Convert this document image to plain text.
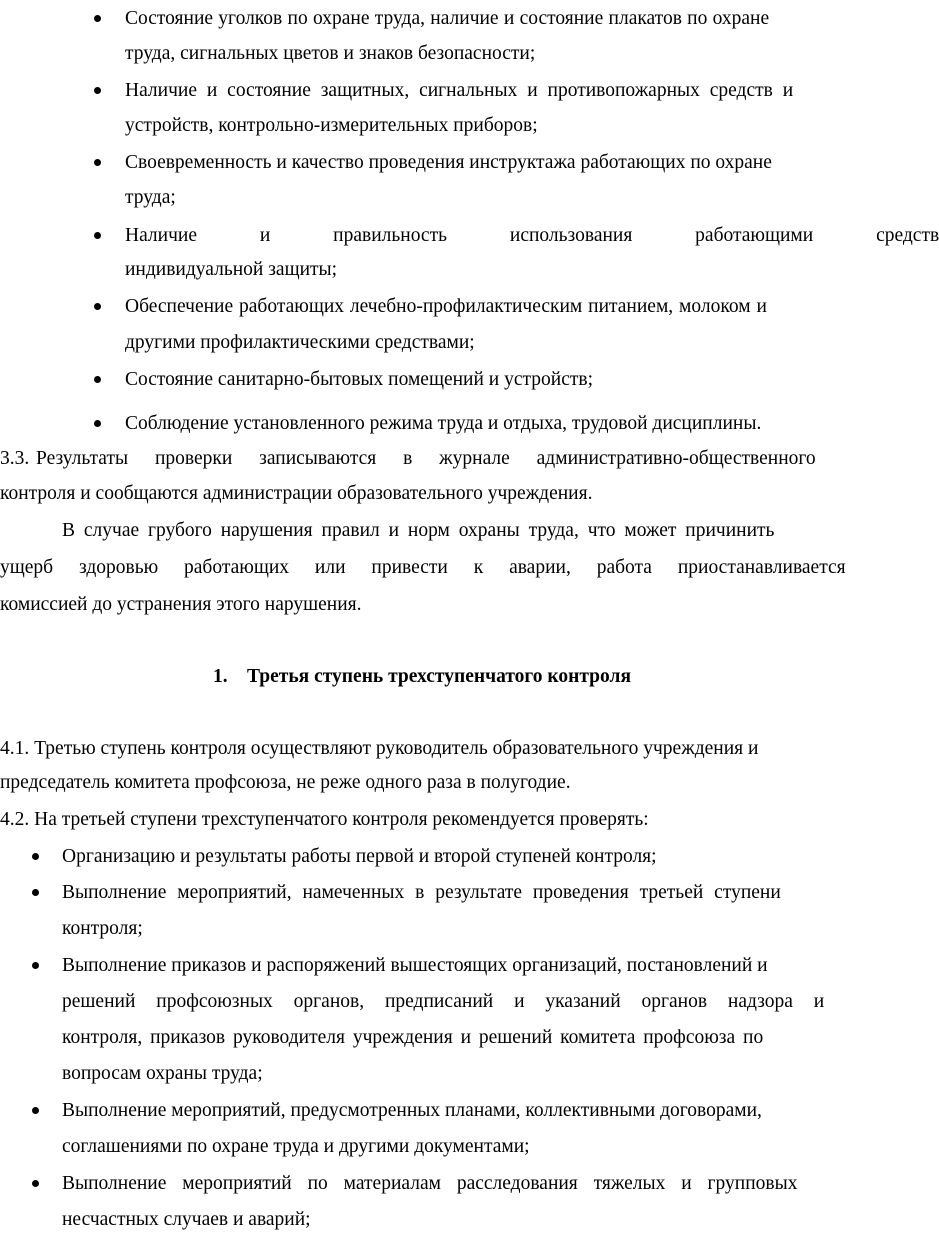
Состояние уголков по охране труда, наличие и состояние плакатов по охране
труда, сигнальных цветов и знаков безопасности;
Наличие и состояние защитных, сигнальных и противопожарных средств и
устройств, контрольно-измерительных приборов;
Своевременность и качество проведения инструктажа работающих по охране
труда;
Наличие и правильность использования работающими средств
индивидуальной защиты;
Обеспечение работающих лечебно-профилактическим питанием, молоком и
другими профилактическими средствами;
Состояние санитарно-бытовых помещений и устройств;
Соблюдение установленного режима труда и отдыха, трудовой дисциплины.
3.3. Результаты проверки записываются в журнале административно-общественного
контроля и сообщаются администрации образовательного учреждения.
В случае грубого нарушения правил и норм охраны труда, что может причинить
ущерб здоровью работающих или привести к аварии, работа приостанавливается
комиссией до устранения этого нарушения.
1. Третья ступень трехступенчатого контроля
4.1. Третью ступень контроля осуществляют руководитель образовательного учреждения и
председатель комитета профсоюза, не реже одного раза в полугодие.
4.2. На третьей ступени трехступенчатого контроля рекомендуется проверять:
Организацию и результаты работы первой и второй ступеней контроля;
Выполнение мероприятий, намеченных в результате проведения третьей ступени
контроля;
Выполнение приказов и распоряжений вышестоящих организаций, постановлений и
решений профсоюзных органов, предписаний и указаний органов надзора и
контроля, приказов руководителя учреждения и решений комитета профсоюза по
вопросам охраны труда;
Выполнение мероприятий, предусмотренных планами, коллективными договорами,
соглашениями по охране труда и другими документами;
Выполнение мероприятий по материалам расследования тяжелых и групповых
несчастных случаев и аварий;
